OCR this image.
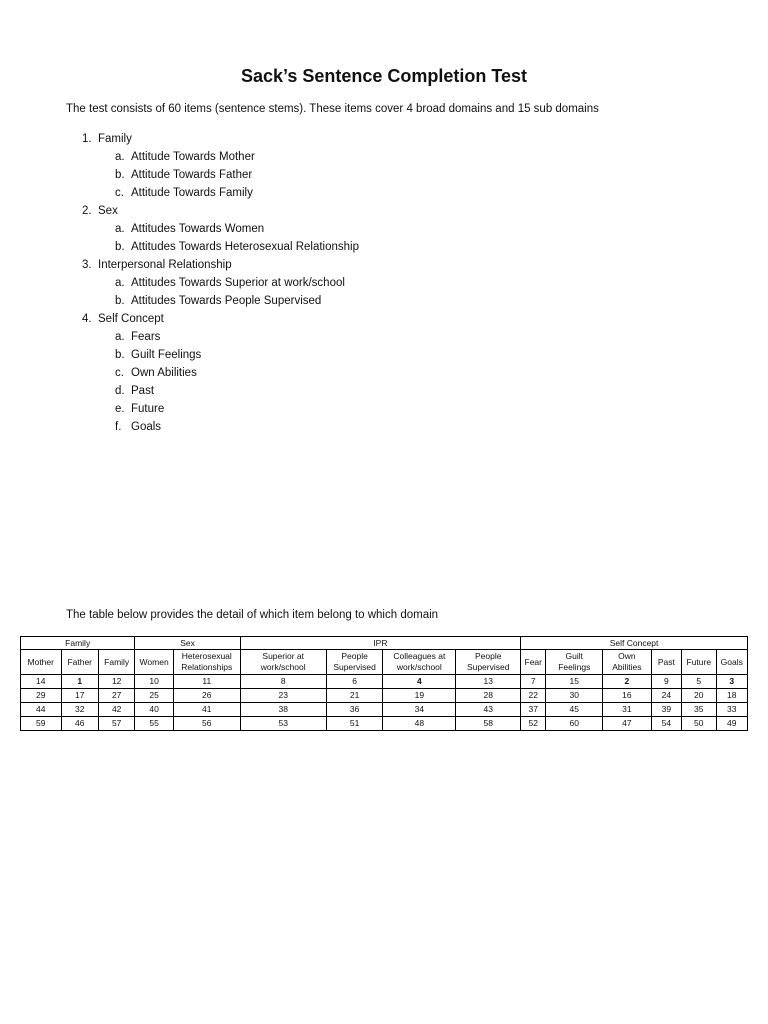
Sack’s Sentence Completion Test
The test consists of 60 items (sentence stems). These items cover 4 broad domains and 15 sub domains
1. Family
a. Attitude Towards Mother
b. Attitude Towards Father
c. Attitude Towards Family
2. Sex
a. Attitudes Towards Women
b. Attitudes Towards Heterosexual Relationship
3. Interpersonal Relationship
a. Attitudes Towards Superior at work/school
b. Attitudes Towards People Supervised
4. Self Concept
a. Fears
b. Guilt Feelings
c. Own Abilities
d. Past
e. Future
f. Goals
The table below provides the detail of which item belong to which domain
Family			Sex		IPR				Self Concept					
Mother	Father	Family	Women	Heterosexual Relationships	Superior at work/school	People Supervised	Colleagues at work/school	People Supervised	Fear	Guilt Feelings	Own Abilities	Past	Future	Goals
14	1	12	10	11	8	6	4	13	7	15	2	9	5	3
29	17	27	25	26	23	21	19	28	22	30	16	24	20	18
44	32	42	40	41	38	36	34	43	37	45	31	39	35	33
59	46	57	55	56	53	51	48	58	52	60	47	54	50	49
